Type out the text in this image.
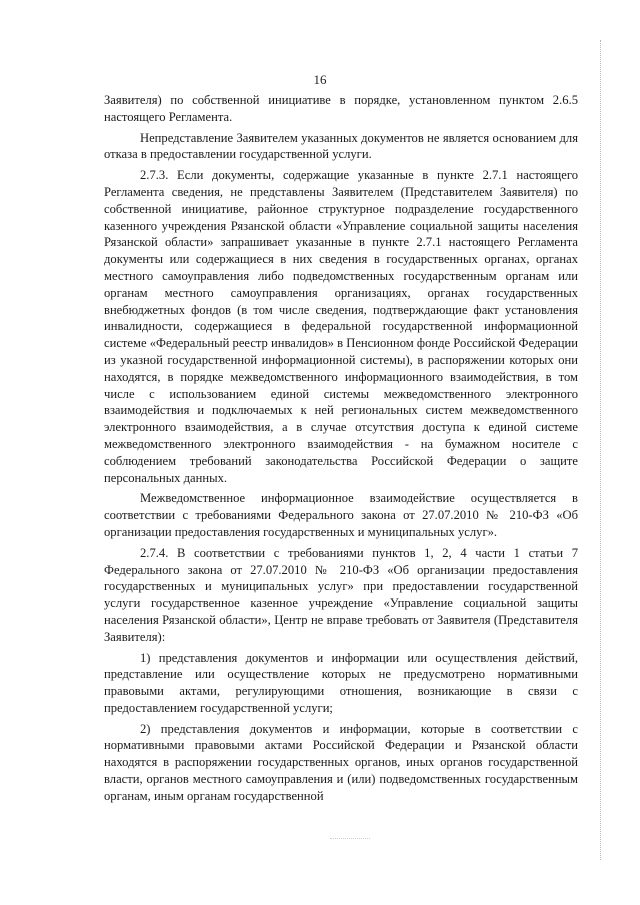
16

Заявителя) по собственной инициативе в порядке, установленном пунктом 2.6.5 настоящего Регламента.

Непредставление Заявителем указанных документов не является основанием для отказа в предоставлении государственной услуги.

2.7.3. Если документы, содержащие указанные в пункте 2.7.1 настоящего Регламента сведения, не представлены Заявителем (Представителем Заявителя) по собственной инициативе, районное структурное подразделение государственного казенного учреждения Рязанской области «Управление социальной защиты населения Рязанской области» запрашивает указанные в пункте 2.7.1 настоящего Регламента документы или содержащиеся в них сведения в государственных органах, органах местного самоуправления либо подведомственных государственным органам или органам местного самоуправления организациях, органах государственных внебюджетных фондов (в том числе сведения, подтверждающие факт установления инвалидности, содержащиеся в федеральной государственной информационной системе «Федеральный реестр инвалидов» в Пенсионном фонде Российской Федерации из указной государственной информационной системы), в распоряжении которых они находятся, в порядке межведомственного информационного взаимодействия, в том числе с использованием единой системы межведомственного электронного взаимодействия и подключаемых к ней региональных систем межведомственного электронного взаимодействия, а в случае отсутствия доступа к единой системе межведомственного электронного взаимодействия - на бумажном носителе с соблюдением требований законодательства Российской Федерации о защите персональных данных.

Межведомственное информационное взаимодействие осуществляется в соответствии с требованиями Федерального закона от 27.07.2010 № 210-ФЗ «Об организации предоставления государственных и муниципальных услуг».

2.7.4. В соответствии с требованиями пунктов 1, 2, 4 части 1 статьи 7 Федерального закона от 27.07.2010 № 210-ФЗ «Об организации предоставления государственных и муниципальных услуг» при предоставлении государственной услуги государственное казенное учреждение «Управление социальной защиты населения Рязанской области», Центр не вправе требовать от Заявителя (Представителя Заявителя):

1) представления документов и информации или осуществления действий, представление или осуществление которых не предусмотрено нормативными правовыми актами, регулирующими отношения, возникающие в связи с предоставлением государственной услуги;

2) представления документов и информации, которые в соответствии с нормативными правовыми актами Российской Федерации и Рязанской области находятся в распоряжении государственных органов, иных органов государственной власти, органов местного самоуправления и (или) подведомственных государственным органам, иным органам государственной
